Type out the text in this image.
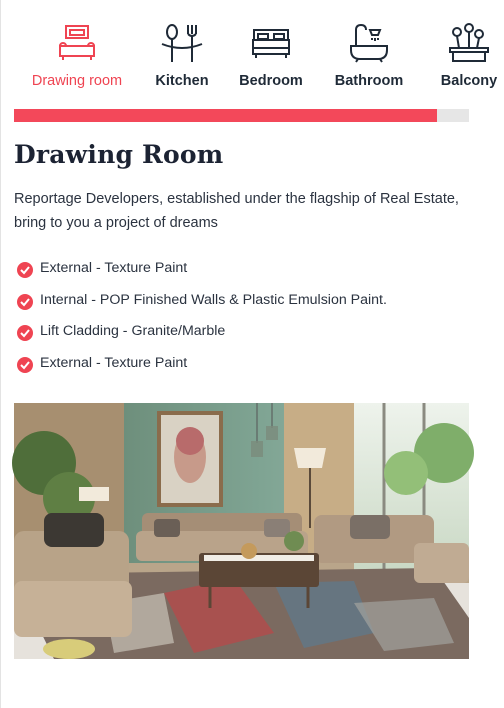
Drawing room Kitchen Bedroom Bathroom	Balcony
Drawing Room

Reportage Developers, established under the flagship of Real Estate, bring to you a project of dreams

External - Texture Paint
Internal - POP Finished Walls & Plastic Emulsion Paint.
Lift Cladding - Granite/Marble
External - Texture Paint
